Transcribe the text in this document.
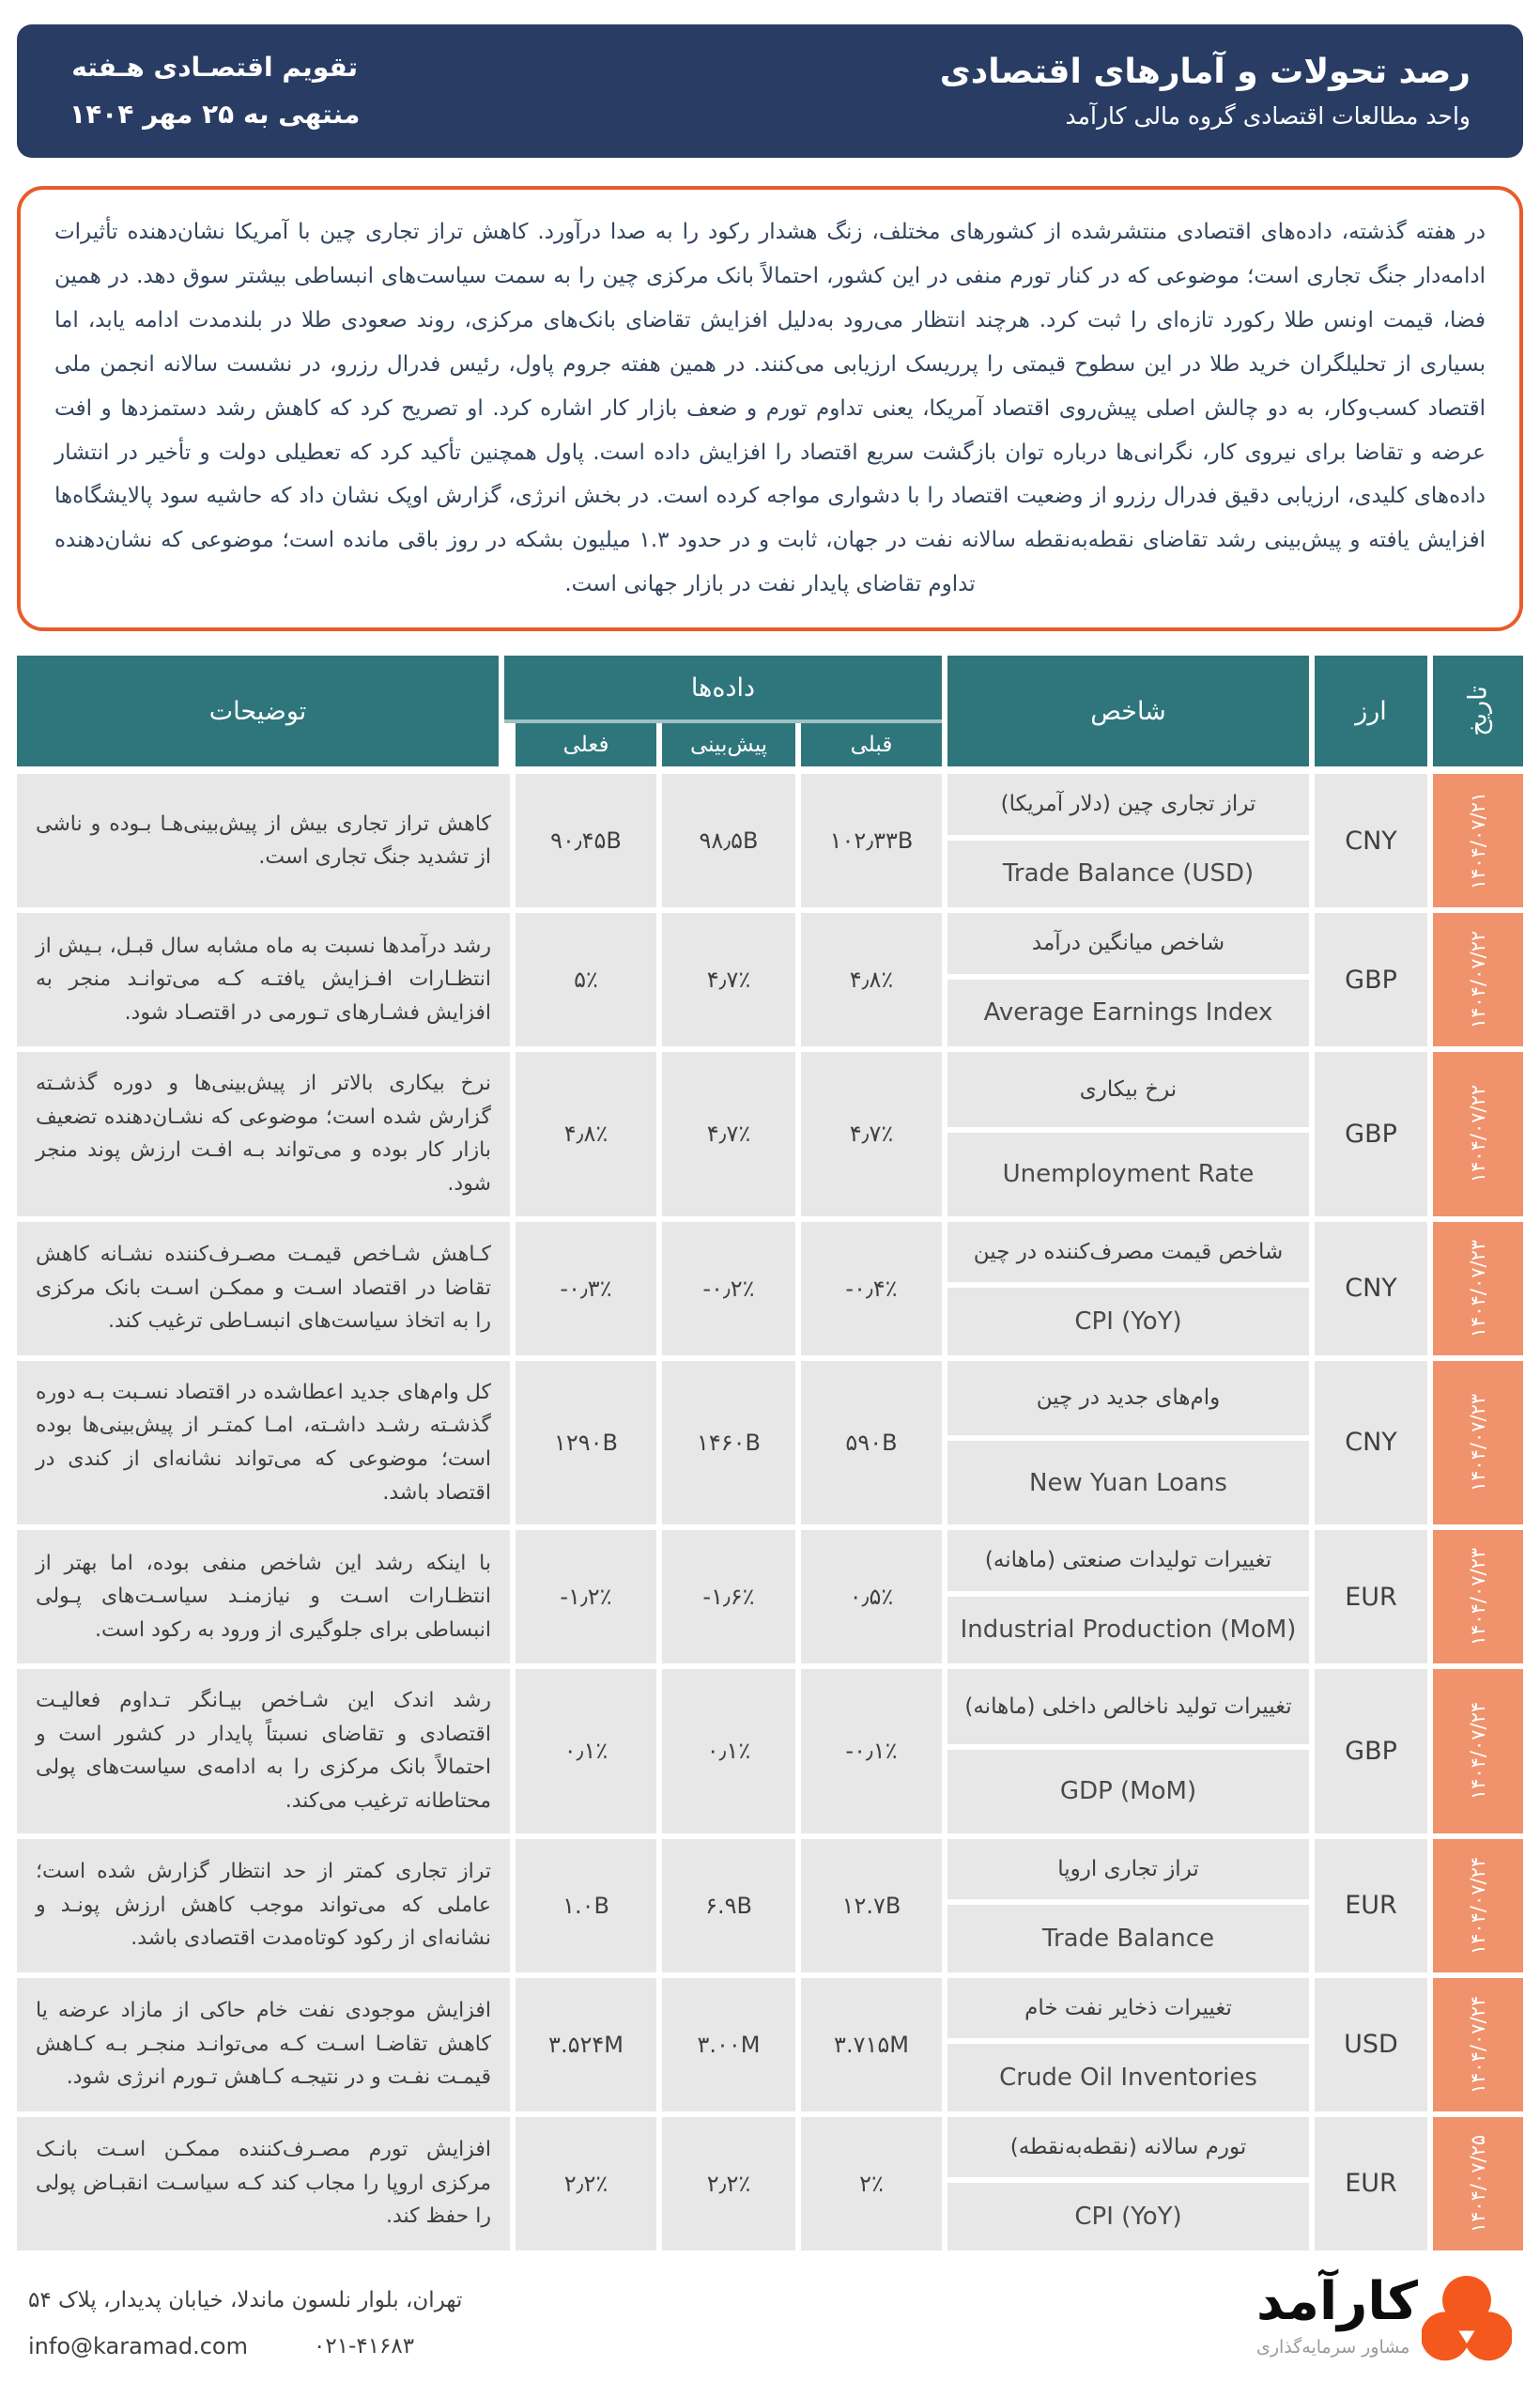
رصد تحولات و آمارهای اقتصادی
واحد مطالعات اقتصادی گروه مالی کارآمد
تقویم اقتصـادی هـفته
منتهی به ۲۵ مهر ۱۴۰۴
در هفته گذشته، داده‌های اقتصادی منتشرشده از کشورهای مختلف، زنگ هشدار رکود را به صدا درآورد. کاهش تراز تجاری چین با آمریکا نشان‌دهنده تأثیرات ادامه‌دار جنگ تجاری است؛ موضوعی که در کنار تورم منفی در این کشور، احتمالاً بانک مرکزی چین را به سمت سیاست‌های انبساطی بیشتر سوق دهد. در همین فضا، قیمت اونس طلا رکورد تازه‌ای را ثبت کرد. هرچند انتظار می‌رود به‌دلیل افزایش تقاضای بانک‌های مرکزی، روند صعودی طلا در بلندمدت ادامه یابد، اما بسیاری از تحلیلگران خرید طلا در این سطوح قیمتی را پرریسک ارزیابی می‌کنند. در همین هفته جروم پاول، رئیس فدرال رزرو، در نشست سالانه انجمن ملی اقتصاد کسب‌وکار، به دو چالش اصلی پیش‌روی اقتصاد آمریکا، یعنی تداوم تورم و ضعف بازار کار اشاره کرد. او تصریح کرد که کاهش رشد دستمزدها و افت عرضه و تقاضا برای نیروی کار، نگرانی‌ها درباره توان بازگشت سریع اقتصاد را افزایش داده است. پاول همچنین تأکید کرد که تعطیلی دولت و تأخیر در انتشار داده‌های کلیدی، ارزیابی دقیق فدرال رزرو از وضعیت اقتصاد را با دشواری مواجه کرده است. در بخش انرژی، گزارش اوپک نشان داد که حاشیه سود پالایشگاه‌ها افزایش یافته و پیش‌بینی رشد تقاضای نقطه‌به‌نقطه سالانه نفت در جهان، ثابت و در حدود ۱.۳ میلیون بشکه در روز باقی مانده است؛ موضوعی که نشان‌دهنده تداوم تقاضای پایدار نفت در بازار جهانی است.
تاریخ
ارز
شاخص
داده‌ها
قبلی
پیش‌بینی
فعلی
توضیحات
۱۴۰۴/۰۷/۲۱
CNY
تراز تجاری چین (دلار آمریکا)
Trade Balance (USD)
۱۰۲٫۳۳B
۹۸٫۵B
۹۰٫۴۵B
کاهش تراز تجاری بیش از پیش‌بینی‌هـا بـوده و ناشی از تشدید جنگ تجاری است.
۱۴۰۴/۰۷/۲۲
GBP
شاخص میانگین درآمد
Average Earnings Index
۴٫۸٪
۴٫۷٪
۵٪
رشد درآمدها نسبت به ماه مشابه سال قبـل، بـیش از انتظـارات افـزایش یافتـه کـه می‌توانـد منجر به افزایش فشـارهای تـورمی در اقتصـاد شود.
۱۴۰۴/۰۷/۲۲
GBP
نرخ بیکاری
Unemployment Rate
۴٫۷٪
۴٫۷٪
۴٫۸٪
نرخ بیکاری بالاتر از پیش‌بینی‌ها و دوره گذشـته گزارش شده است؛ موضوعی که نشـان‌دهنده تضعیف بازار کار بوده و می‌تواند بـه افـت ارزش پوند منجر شود.
۱۴۰۴/۰۷/۲۳
CNY
شاخص قیمت مصرف‌کننده در چین
CPI (YoY)
-۰٫۴٪
-۰٫۲٪
-۰٫۳٪
کـاهش شـاخص قیمـت مصـرف‌کننده نشـانه کاهش تقاضا در اقتصاد اسـت و ممکـن اسـت بانک مرکزی را به اتخاذ سیاست‌های انبسـاطی ترغیب کند.
۱۴۰۴/۰۷/۲۳
CNY
وام‌های جدید در چین
New Yuan Loans
۵۹۰B
۱۴۶۰B
۱۲۹۰B
کل وام‌های جدید اعطاشده در اقتصاد نسـبت بـه دوره گذشـته رشـد داشـته، امـا کمتـر از پیش‌بینی‌ها بوده است؛ موضوعی که می‌تواند نشانه‌ای از کندی در اقتصاد باشد.
۱۴۰۴/۰۷/۲۳
EUR
تغییرات تولیدات صنعتی (ماهانه)
Industrial Production (MoM)
۰٫۵٪
-۱٫۶٪
-۱٫۲٪
با اینکه رشد این شاخص منفی بوده، اما بهتر از انتظـارات اسـت و نیازمنـد سیاسـت‌های پـولی انبساطی برای جلوگیری از ورود به رکود است.
۱۴۰۴/۰۷/۲۴
GBP
تغییرات تولید ناخالص داخلی (ماهانه)
GDP (MoM)
-۰٫۱٪
۰٫۱٪
۰٫۱٪
رشد اندک این شـاخص بیـانگر تـداوم فعالیـت اقتصادی و تقاضای نسبتاً پایدار در کشور است و احتمالاً بانک مرکزی را به ادامه‌ی سیاست‌های پولی محتاطانه ترغیب می‌کند.
۱۴۰۴/۰۷/۲۴
EUR
تراز تجاری اروپا
Trade Balance
۱۲.۷B
۶.۹B
۱.۰B
تراز تجاری کمتر از حد انتظار گزارش شده است؛ عاملی که می‌تواند موجب کاهش ارزش پونـد و نشانه‌ای از رکود کوتاه‌مدت اقتصادی باشد.
۱۴۰۴/۰۷/۲۴
USD
تغییرات ذخایر نفت خام
Crude Oil Inventories
۳.۷۱۵M
۳.۰۰M
۳.۵۲۴M
افزایش موجودی نفت خام حاکی از مازاد عرضه یا کاهش تقاضـا اسـت کـه می‌توانـد منجـر بـه کـاهش قیمـت نفـت و در نتیجـه کـاهش تـورم انرژی شود.
۱۴۰۴/۰۷/۲۵
EUR
تورم سالانه (نقطه‌به‌نقطه)
CPI (YoY)
۲٪
۲٫۲٪
۲٫۲٪
افزایش تورم مصـرف‌کننده ممکـن اسـت بانـک مرکزی اروپا را مجاب کند کـه سیاسـت انقبـاض پولی را حفظ کند.
کارآمد
مشاور سرمایه‌گذاری
تهران، بلوار نلسون ماندلا، خیابان پدیدار، پلاک ۵۴
info@karamad.com	۰۲۱-۴۱۶۸۳
